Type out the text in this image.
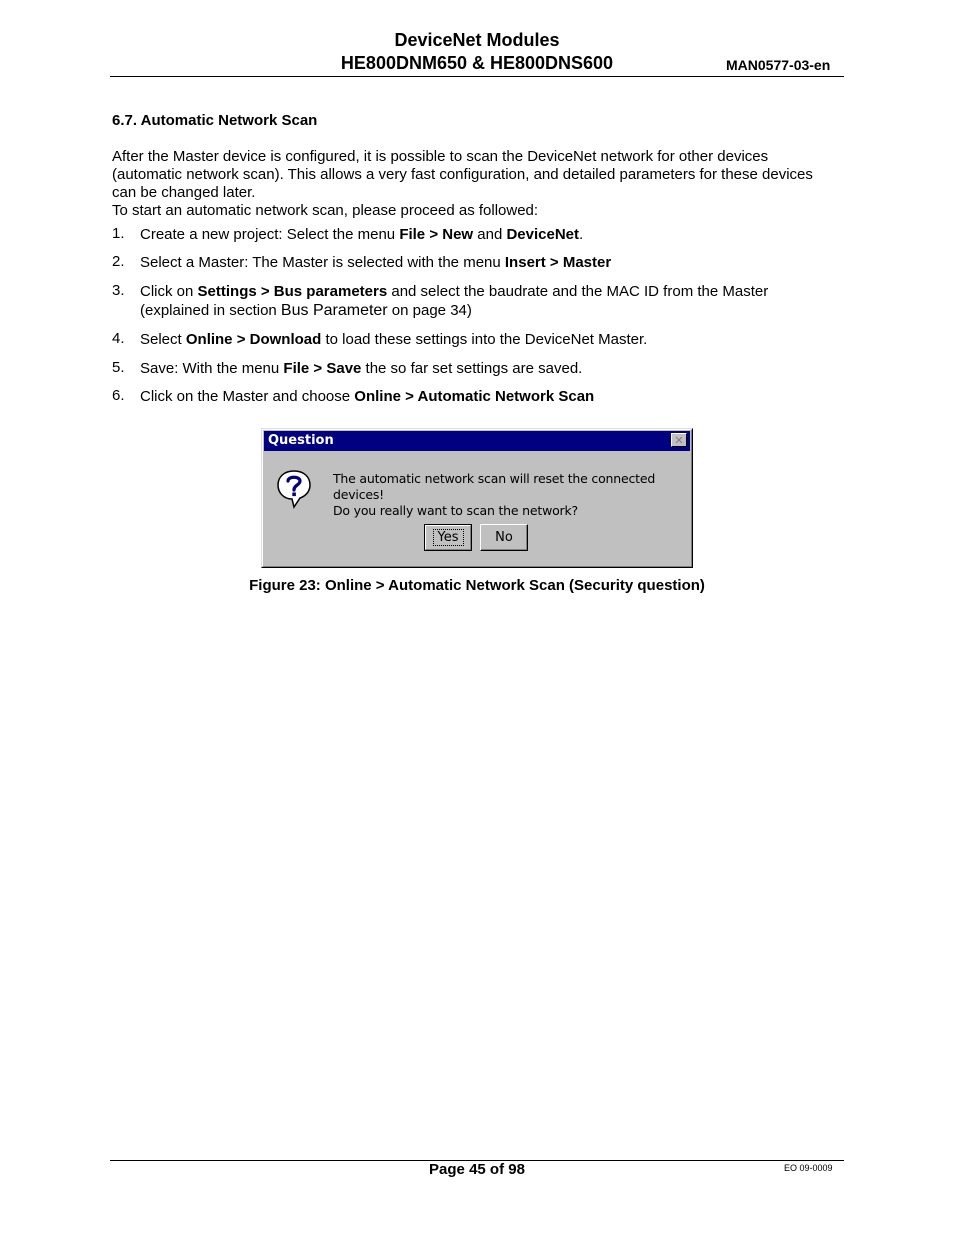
DeviceNet Modules
HE800DNM650 & HE800DNS600	MAN0577-03-en
6.7. Automatic Network Scan
After the Master device is configured, it is possible to scan the DeviceNet network for other devices
(automatic network scan). This allows a very fast configuration, and detailed parameters for these devices
can be changed later.
To start an automatic network scan, please proceed as followed:
1. Create a new project: Select the menu File > New and DeviceNet.
2. Select a Master: The Master is selected with the menu Insert > Master
3. Click on Settings > Bus parameters and select the baudrate and the MAC ID from the Master
(explained in section Bus Parameter on page 34)
4. Select Online > Download to load these settings into the DeviceNet Master.
5. Save: With the menu File > Save the so far set settings are saved.
6. Click on the Master and choose Online > Automatic Network Scan
Question	✕
The automatic network scan will reset the connected devices!
Do you really want to scan the network?
Yes	No
Figure 23: Online > Automatic Network Scan (Security question)
Page 45 of 98	EO 09-0009
